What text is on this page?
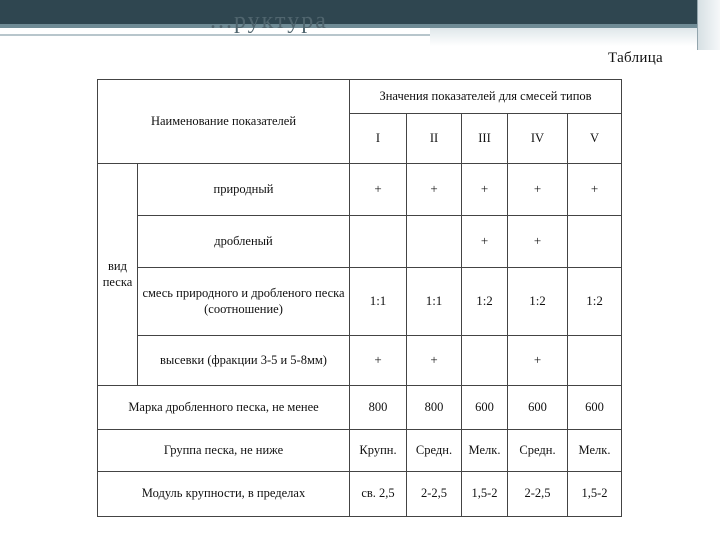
...руктура
Таблица
Наименование показателей		Значения показателей для смесей типов				
		I	II	III	IV	V
вид песка	природный	+	+	+	+	+
	дробленый			+	+	
	смесь природного и дробленого песка (соотношение)	1:1	1:1	1:2	1:2	1:2
	высевки (фракции 3-5 и 5-8мм)	+	+		+	
Марка дробленного песка, не менее		800	800	600	600	600
Группа песка, не ниже		Крупн.	Средн.	Мелк.	Средн.	Мелк.
Модуль крупности, в пределах		св. 2,5	2-2,5	1,5-2	2-2,5	1,5-2
